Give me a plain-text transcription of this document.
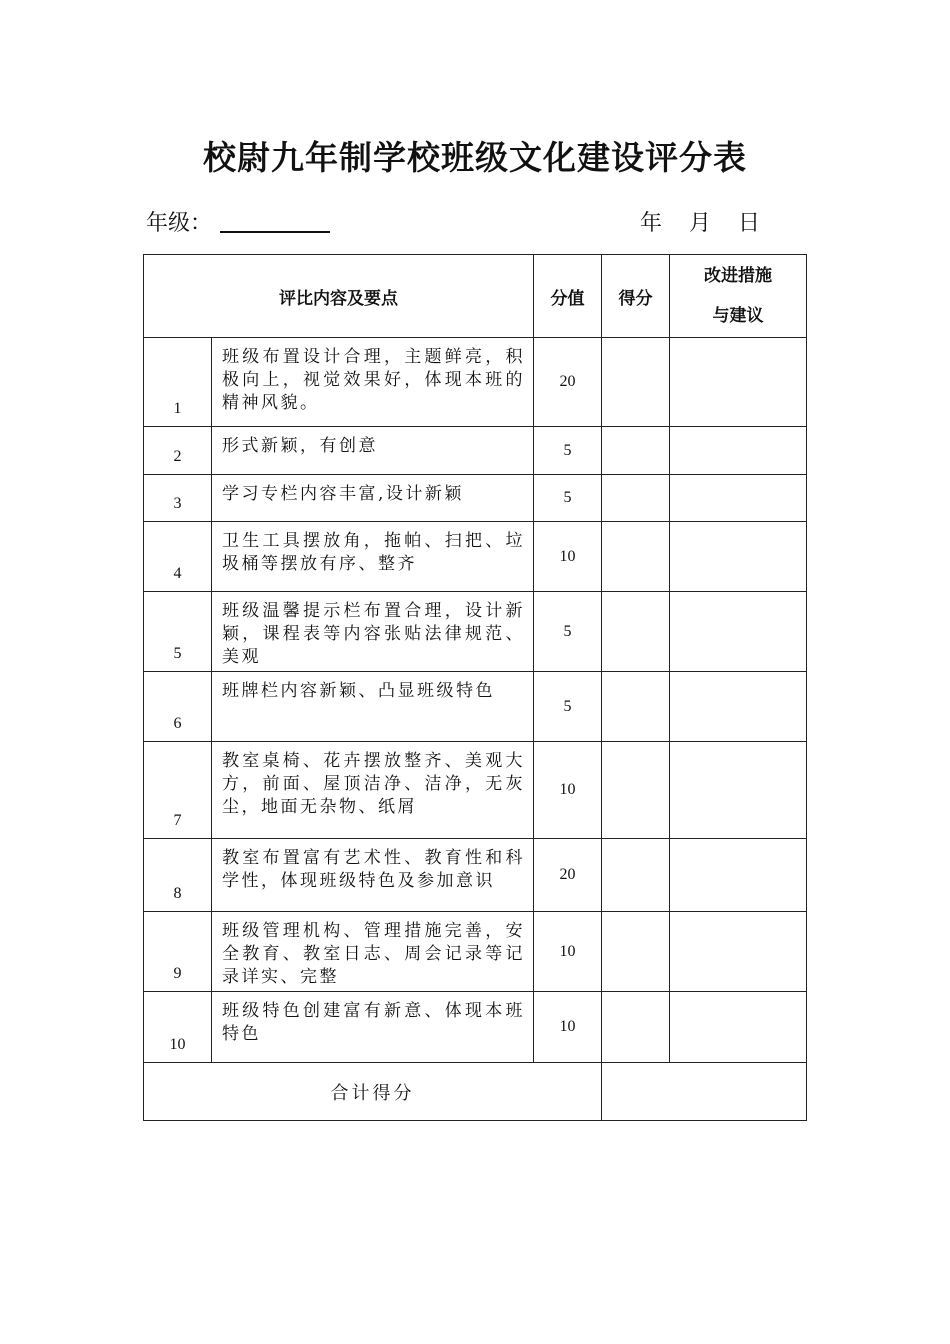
校尉九年制学校班级文化建设评分表
年级：	年 月 日
评比内容及要点		分值	得分	改进措施
与建议

1	班级布置设计合理，主题鲜亮，积极向上，视觉效果好，体现本班的精神风貌。	20		
2	形式新颖，有创意	5		
3	学习专栏内容丰富,设计新颖	5		
4	卫生工具摆放角，拖帕、扫把、垃圾桶等摆放有序、整齐	10		
5	班级温馨提示栏布置合理，设计新颖，课程表等内容张贴法律规范、美观	5		
6	班牌栏内容新颖、凸显班级特色	5		
7	教室桌椅、花卉摆放整齐、美观大方，前面、屋顶洁净、洁净，无灰尘，地面无杂物、纸屑	10		
8	教室布置富有艺术性、教育性和科学性，体现班级特色及参加意识	20		
9	班级管理机构、管理措施完善，安全教育、教室日志、周会记录等记录详实、完整	10		
10	班级特色创建富有新意、体现本班特色	10		
合计得分				
